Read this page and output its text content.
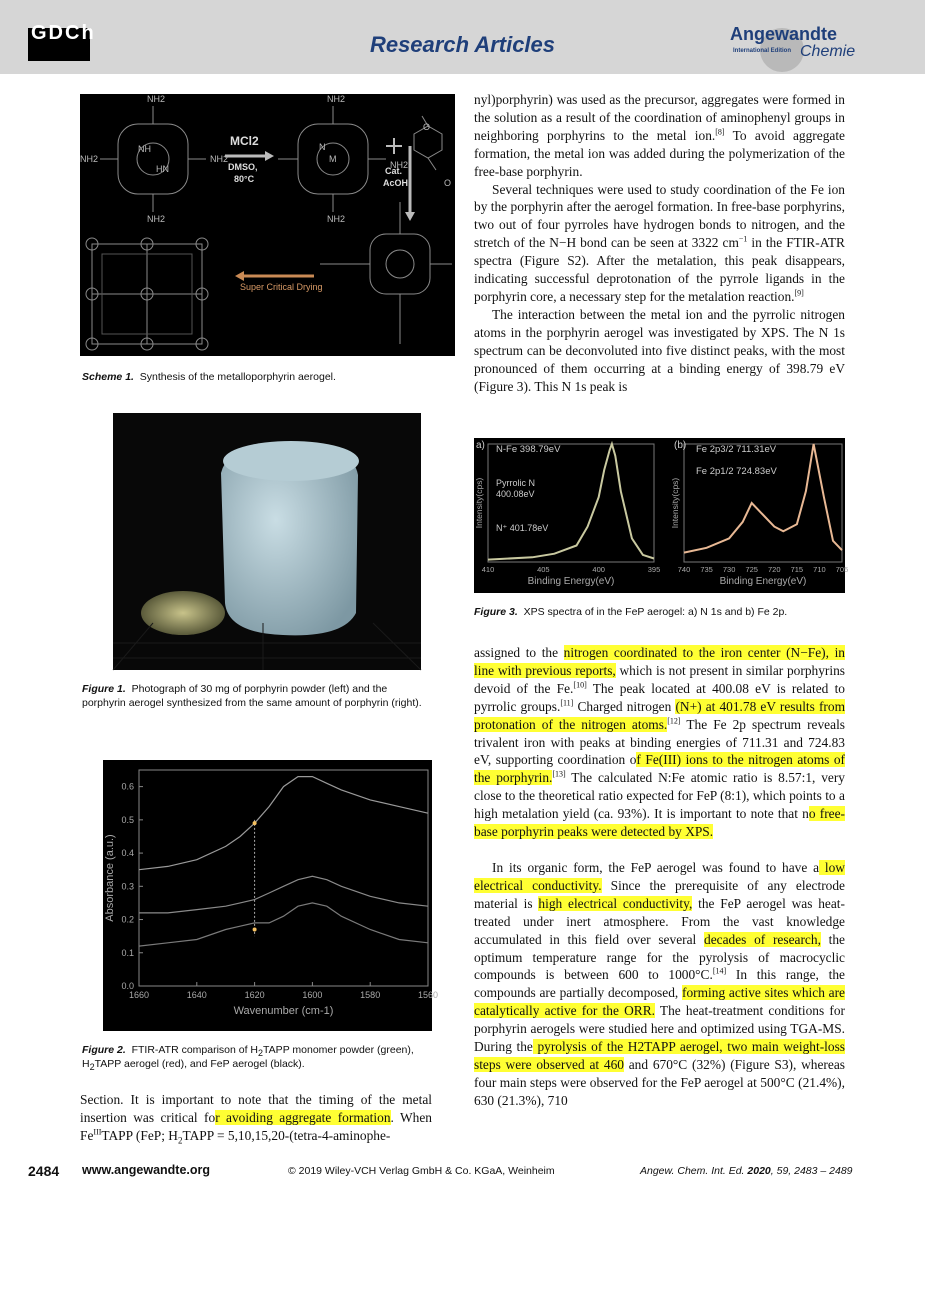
GDCh	Research Articles	Angewandte
International Edition Chemie
NH2	NH2
NH2	NH2
NH2
NH2	NH2
NH
HN
M
N
MCl2
DMSO,
80°C
Cat.
AcOH
O
O
Super Critical Drying
Scheme 1. Synthesis of the metalloporphyrin aerogel.
Figure 1. Photograph of 30 mg of porphyrin powder (left) and the porphyrin aerogel synthesized from the same amount of porphyrin (right).
0.0
0.1
0.2
0.3
0.4
0.5
0.6
1660	1640	1620	1600	1580	1560
Wavenumber (cm-1)
Absorbance (a.u.)
Figure 2. FTIR-ATR comparison of $H_2TAPP$ monomer powder (green), $H_2TAPP$ aerogel (red), and FeP aerogel (black).

Section. It is important to note that the timing of the metal insertion was critical for avoiding aggregate formation. When $Fe^{III}TAPP$ (FeP; $H_2TAPP$ = 5,10,15,20-(tetra-4-aminophe-

nyl)porphyrin) was used as the precursor, aggregates were formed in the solution as a result of the coordination of aminophenyl groups in neighboring porphyrins to the metal ion.[8] To avoid aggregate formation, the metal ion was added during the polymerization of the free-base porphyrin.

Several techniques were used to study coordination of the Fe ion by the porphyrin after the aerogel formation. In free-base porphyrins, two out of four pyrroles have hydrogen bonds to nitrogen, and the stretch of the N−H bond can be seen at 3322 $cm^{-1}$ in the FTIR-ATR spectra (Figure S2). After the metalation, this peak disappears, indicating successful deprotonation of the pyrrole ligands in the porphyrin core, a necessary step for the metalation reaction.[9]

The interaction between the metal ion and the pyrrolic nitrogen atoms in the porphyrin aerogel was investigated by XPS. The N 1s spectrum can be deconvoluted into five distinct peaks, with the most pronounced of them occurring at a binding energy of 398.79 eV (Figure 3). This N 1s peak is

410	405	400	395
Binding Energy(eV)
Intensity(cps)
740 735 730 725 720 715 710 705
Binding Energy(eV)
Intensity(cps)
a)	(b)
N-Fe 398.79eV
Pyrrolic N
400.08eV
N⁺ 401.78eV
Fe 2p3/2 711.31eV
Fe 2p1/2 724.83eV
Figure 3. XPS spectra of in the FeP aerogel: a) N 1s and b) Fe 2p.

assigned to the nitrogen coordinated to the iron center (N−Fe), in line with previous reports, which is not present in similar porphyrins devoid of the Fe.[10] The peak located at 400.08 eV is related to pyrrolic groups.[11] Charged nitrogen (N+) at 401.78 eV results from protonation of the nitrogen atoms.[12] The Fe 2p spectrum reveals trivalent iron with peaks at binding energies of 711.31 and 724.83 eV, supporting coordination of Fe(III) ions to the nitrogen atoms of the porphyrin.[13] The calculated N:Fe atomic ratio is 8.57:1, very close to the theoretical ratio expected for FeP (8:1), which points to a high metalation yield (ca. 93%). It is important to note that no free-base porphyrin peaks were detected by XPS.

In its organic form, the FeP aerogel was found to have a low electrical conductivity. Since the prerequisite of any electrode material is high electrical conductivity, the FeP aerogel was heat-treated under inert atmosphere. From the vast knowledge accumulated in this field over several decades of research, the optimum temperature range for the pyrolysis of macrocyclic compounds is between 600 to 1000°C.[14] In this range, the compounds are partially decomposed, forming active sites which are catalytically active for the ORR. The heat-treatment conditions for porphyrin aerogels were studied here and optimized using TGA-MS. During the pyrolysis of the H2TAPP aerogel, two main weight-loss steps were observed at 460 and 670°C (32%) (Figure S3), whereas four main steps were observed for the FeP aerogel at 500°C (21.4%), 630 (21.3%), 710

2484 www.angewandte.org	© 2019 Wiley-VCH Verlag GmbH & Co. KGaA, Weinheim	Angew. Chem. Int. Ed. 2020, 59, 2483 – 2489
